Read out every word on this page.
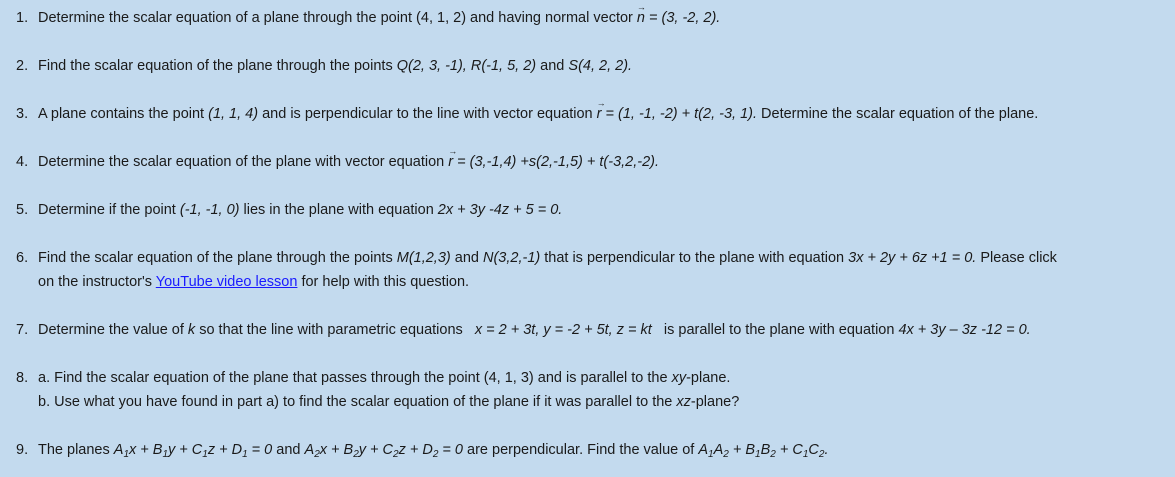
1. Determine the scalar equation of a plane through the point (4, 1, 2) and having normal vector → n = (3, -2, 2).
2. Find the scalar equation of the plane through the points Q(2, 3, -1), R(-1, 5, 2) and S(4, 2, 2).
3. A plane contains the point (1, 1, 4) and is perpendicular to the line with vector equation → r = (1, -1, -2) + t(2, -3, 1). Determine the scalar equation of the plane.
4. Determine the scalar equation of the plane with vector equation → r = (3,-1,4) +s(2,-1,5) + t(-3,2,-2).
5. Determine if the point (-1, -1, 0) lies in the plane with equation 2x + 3y -4z + 5 = 0.
6. Find the scalar equation of the plane through the points M(1,2,3) and N(3,2,-1) that is perpendicular to the plane with equation 3x + 2y + 6z +1 = 0. Please click
on the instructor's YouTube video lesson for help with this question.
7. Determine the value of k so that the line with parametric equations x = 2 + 3t, y = -2 + 5t, z = kt is parallel to the plane with equation 4x + 3y – 3z -12 = 0.
8. a. Find the scalar equation of the plane that passes through the point (4, 1, 3) and is parallel to the xy-plane.
b. Use what you have found in part a) to find the scalar equation of the plane if it was parallel to the xz-plane?
9. The planes $A_1x + B_1y + C_1z + D_1 = 0$ and $A_2x + B_2y + C_2z + D_2 = 0$ are perpendicular. Find the value of $A_1A_2 + B_1B_2 + C_1C_2$.
